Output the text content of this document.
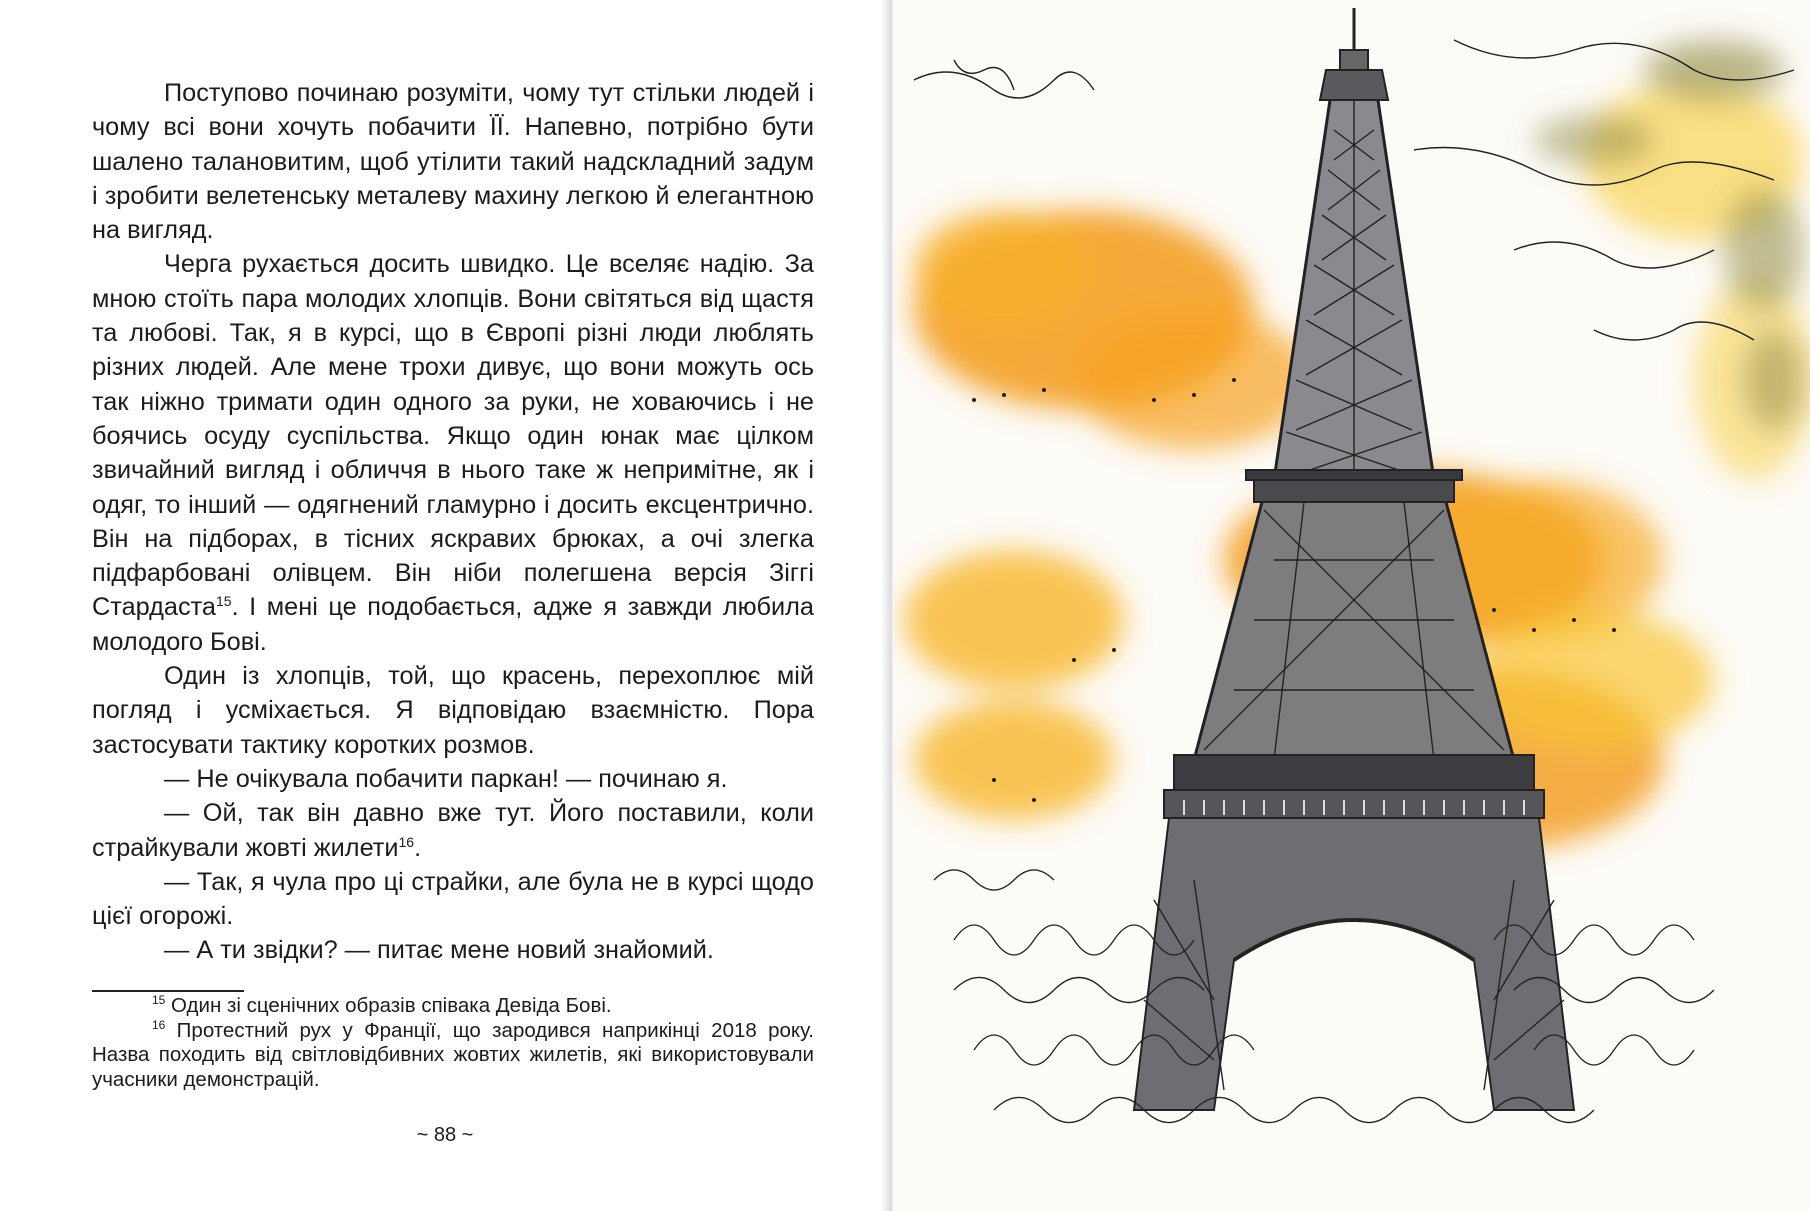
Поступово починаю розуміти, чому тут стільки людей і чому всі вони хочуть побачити ЇЇ. Напевно, потрібно бути шалено талановитим, щоб утілити такий надскладний задум і зробити велетенську металеву махину легкою й елегантною на вигляд.

Черга рухається досить швидко. Це вселяє надію. За мною стоїть пара молодих хлопців. Вони світяться від щастя та любові. Так, я в курсі, що в Європі різні люди люблять різних людей. Але мене трохи дивує, що вони можуть ось так ніжно тримати один одного за руки, не ховаючись і не боячись осуду суспільства. Якщо один юнак має цілком звичайний вигляд і обличчя в нього таке ж непримітне, як і одяг, то інший — одягнений гламурно і досить ексцентрично. Він на підборах, в тісних яскравих брюках, а очі злегка підфарбовані олівцем. Він ніби полегшена версія Зіггі Стардаста$^{15}$. І мені це подобається, адже я завжди любила молодого Бові.

Один із хлопців, той, що красень, перехоплює мій погляд і усміхається. Я відповідаю взаємністю. Пора застосувати тактику коротких розмов.

— Не очікувала побачити паркан! — починаю я.

— Ой, так він давно вже тут. Його поставили, коли страйкували жовті жилети$^{16}$.

— Так, я чула про ці страйки, але була не в курсі щодо цієї огорожі.

— А ти звідки? — питає мене новий знайомий.

$^{15}$ Один зі сценічних образів співака Девіда Бові.

$^{16}$ Протестний рух у Франції, що зародився наприкінці 2018 року. Назва походить від світловідбивних жовтих жилетів, які використовували учасники демонстрацій.

~ 88 ~
